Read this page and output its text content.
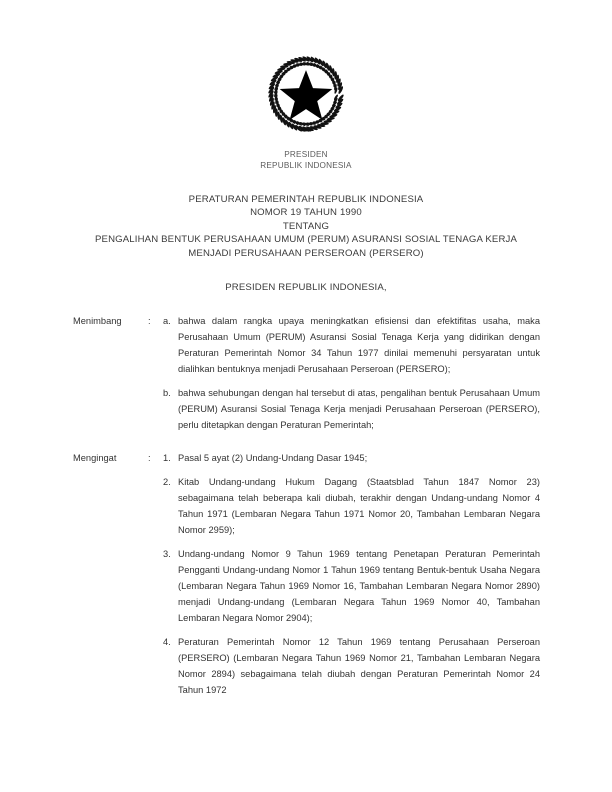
PRESIDEN
REPUBLIK INDONESIA
PERATURAN PEMERINTAH REPUBLIK INDONESIA
NOMOR 19 TAHUN 1990
TENTANG
PENGALIHAN BENTUK PERUSAHAAN UMUM (PERUM) ASURANSI SOSIAL TENAGA KERJA
MENJADI PERUSAHAAN PERSEROAN (PERSERO)
PRESIDEN REPUBLIK INDONESIA,
Menimbang	:	a. bahwa dalam rangka upaya meningkatkan efisiensi dan efektifitas usaha, maka Perusahaan Umum (PERUM) Asuransi Sosial Tenaga Kerja yang didirikan dengan Peraturan Pemerintah Nomor 34 Tahun 1977 dinilai memenuhi persyaratan untuk dialihkan bentuknya menjadi Perusahaan Perseroan (PERSERO);
b. bahwa sehubungan dengan hal tersebut di atas, pengalihan bentuk Perusahaan Umum (PERUM) Asuransi Sosial Tenaga Kerja menjadi Perusahaan Perseroan (PERSERO), perlu ditetapkan dengan Peraturan Pemerintah;
Mengingat	:	1. Pasal 5 ayat (2) Undang-Undang Dasar 1945;
2. Kitab Undang-undang Hukum Dagang (Staatsblad Tahun 1847 Nomor 23) sebagaimana telah beberapa kali diubah, terakhir dengan Undang-undang Nomor 4 Tahun 1971 (Lembaran Negara Tahun 1971 Nomor 20, Tambahan Lembaran Negara Nomor 2959);
3. Undang-undang Nomor 9 Tahun 1969 tentang Penetapan Peraturan Pemerintah Pengganti Undang-undang Nomor 1 Tahun 1969 tentang Bentuk-bentuk Usaha Negara (Lembaran Negara Tahun 1969 Nomor 16, Tambahan Lembaran Negara Nomor 2890) menjadi Undang-undang (Lembaran Negara Tahun 1969 Nomor 40, Tambahan Lembaran Negara Nomor 2904);
4. Peraturan Pemerintah Nomor 12 Tahun 1969 tentang Perusahaan Perseroan (PERSERO) (Lembaran Negara Tahun 1969 Nomor 21, Tambahan Lembaran Negara Nomor 2894) sebagaimana telah diubah dengan Peraturan Pemerintah Nomor 24 Tahun 1972
